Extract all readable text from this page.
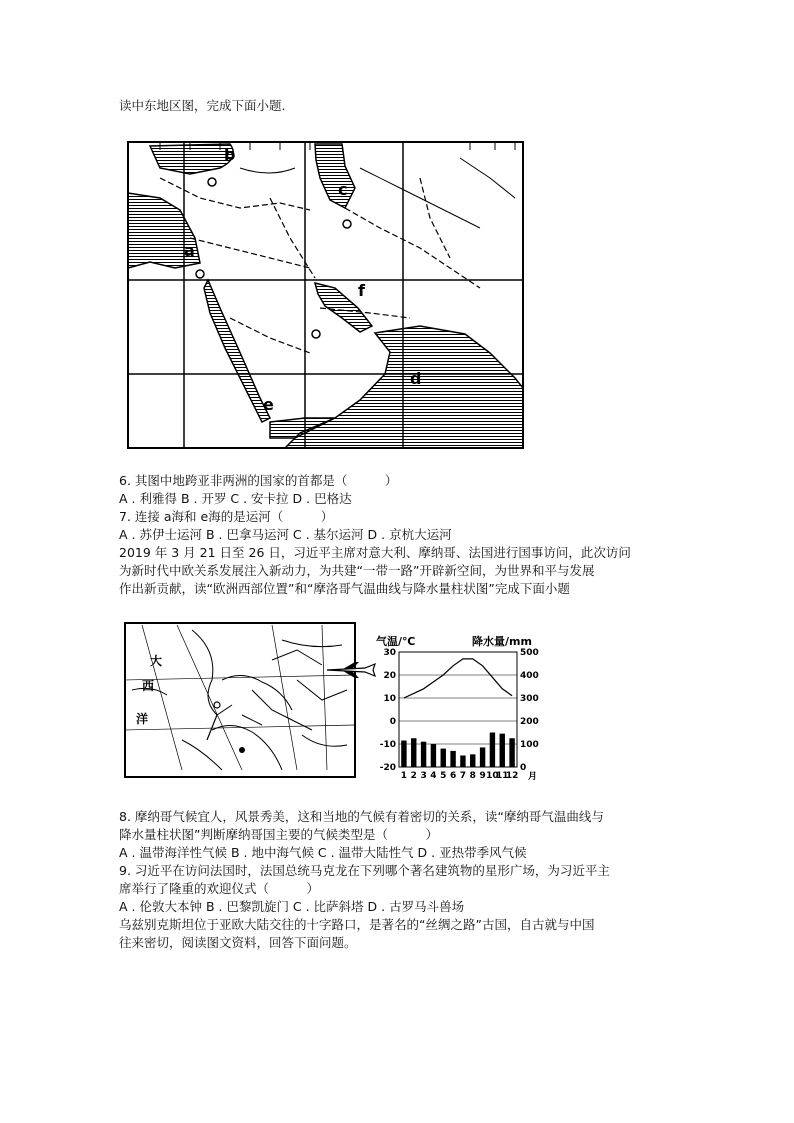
读中东地区图，完成下面小题.
b
c
a
f
d
e
6. 其图中地跨亚非两洲的国家的首都是（　　　）
A . 利雅得 B . 开罗 C . 安卡拉 D . 巴格达
7. 连接 a海和 e海的是运河（　　　）
A . 苏伊士运河 B . 巴拿马运河 C . 基尔运河 D . 京杭大运河
2019 年 3 月 21 日至 26 日，习近平主席对意大利、摩纳哥、法国进行国事访问，此次访问
为新时代中欧关系发展注入新动力，为共建“一带一路”开辟新空间，为世界和平与发展
作出新贡献，读“欧洲西部位置”和“摩洛哥气温曲线与降水量柱状图”完成下面小题
大
西
洋
气温/℃	降水量/mm
30
20
10
0
-10
-20
500
400
300
200
100
0
1 2 3 4 5 6 7 8 9 10
11
12 月
8. 摩纳哥气候宜人，风景秀美，这和当地的气候有着密切的关系，读“摩纳哥气温曲线与
降水量柱状图”判断摩纳哥国主要的气候类型是（　　　）
A . 温带海洋性气候 B . 地中海气候 C . 温带大陆性气 D . 亚热带季风气候
9. 习近平在访问法国时，法国总统马克龙在下列哪个著名建筑物的星形广场，为习近平主
席举行了隆重的欢迎仪式（　　　）
A . 伦敦大本钟 B . 巴黎凯旋门 C . 比萨斜塔 D . 古罗马斗兽场
乌兹别克斯坦位于亚欧大陆交往的十字路口，是著名的“丝绸之路”古国，自古就与中国
往来密切，阅读图文资料，回答下面问题。
